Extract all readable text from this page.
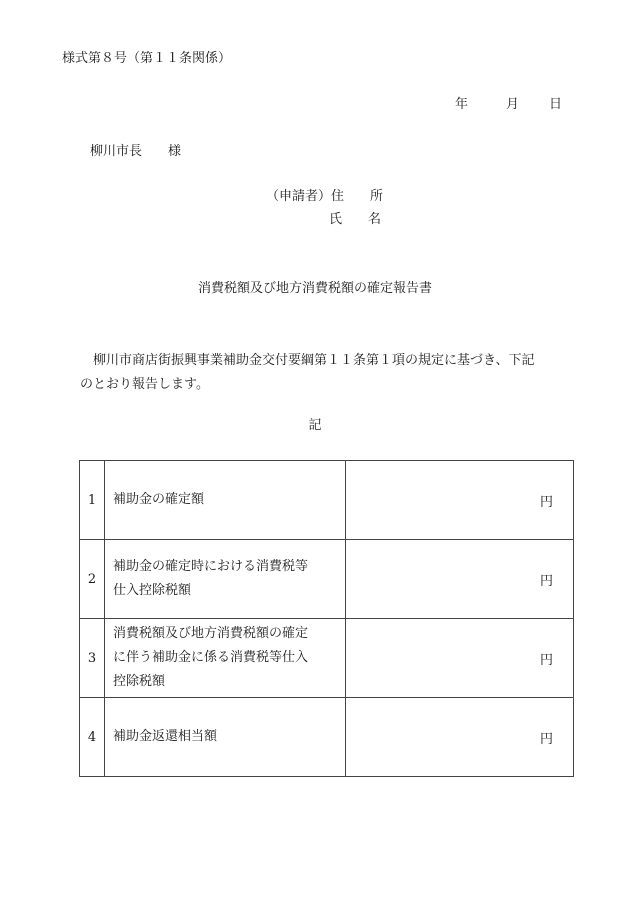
様式第８号（第１１条関係）
年	月 日
柳川市長　　様
（申請者）住　　所
氏　　名
消費税額及び地方消費税額の確定報告書
柳川市商店街振興事業補助金交付要綱第１１条第１項の規定に基づき、下記
のとおり報告します。
記
1	補助金の確定額	円
2	補助金の確定時における消費税等
仕入控除税額	円
3	消費税額及び地方消費税額の確定
に伴う補助金に係る消費税等仕入
控除税額	円
4	補助金返還相当額	円
